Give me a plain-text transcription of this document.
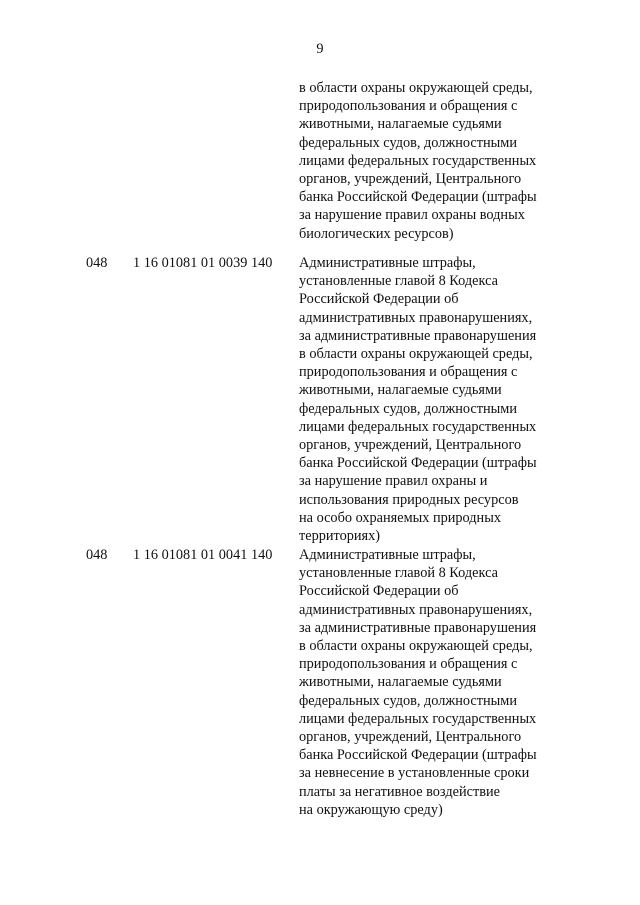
9
в области охраны окружающей среды,
природопользования и обращения с
животными, налагаемые судьями
федеральных судов, должностными
лицами федеральных государственных
органов, учреждений, Центрального
банка Российской Федерации (штрафы
за нарушение правил охраны водных
биологических ресурсов)
048 1 16 01081 01 0039 140 Административные штрафы,
установленные главой 8 Кодекса
Российской Федерации об
административных правонарушениях,
за административные правонарушения
в области охраны окружающей среды,
природопользования и обращения с
животными, налагаемые судьями
федеральных судов, должностными
лицами федеральных государственных
органов, учреждений, Центрального
банка Российской Федерации (штрафы
за нарушение правил охраны и
использования природных ресурсов
на особо охраняемых природных
территориях)
048 1 16 01081 01 0041 140 Административные штрафы,
установленные главой 8 Кодекса
Российской Федерации об
административных правонарушениях,
за административные правонарушения
в области охраны окружающей среды,
природопользования и обращения с
животными, налагаемые судьями
федеральных судов, должностными
лицами федеральных государственных
органов, учреждений, Центрального
банка Российской Федерации (штрафы
за невнесение в установленные сроки
платы за негативное воздействие
на окружающую среду)
